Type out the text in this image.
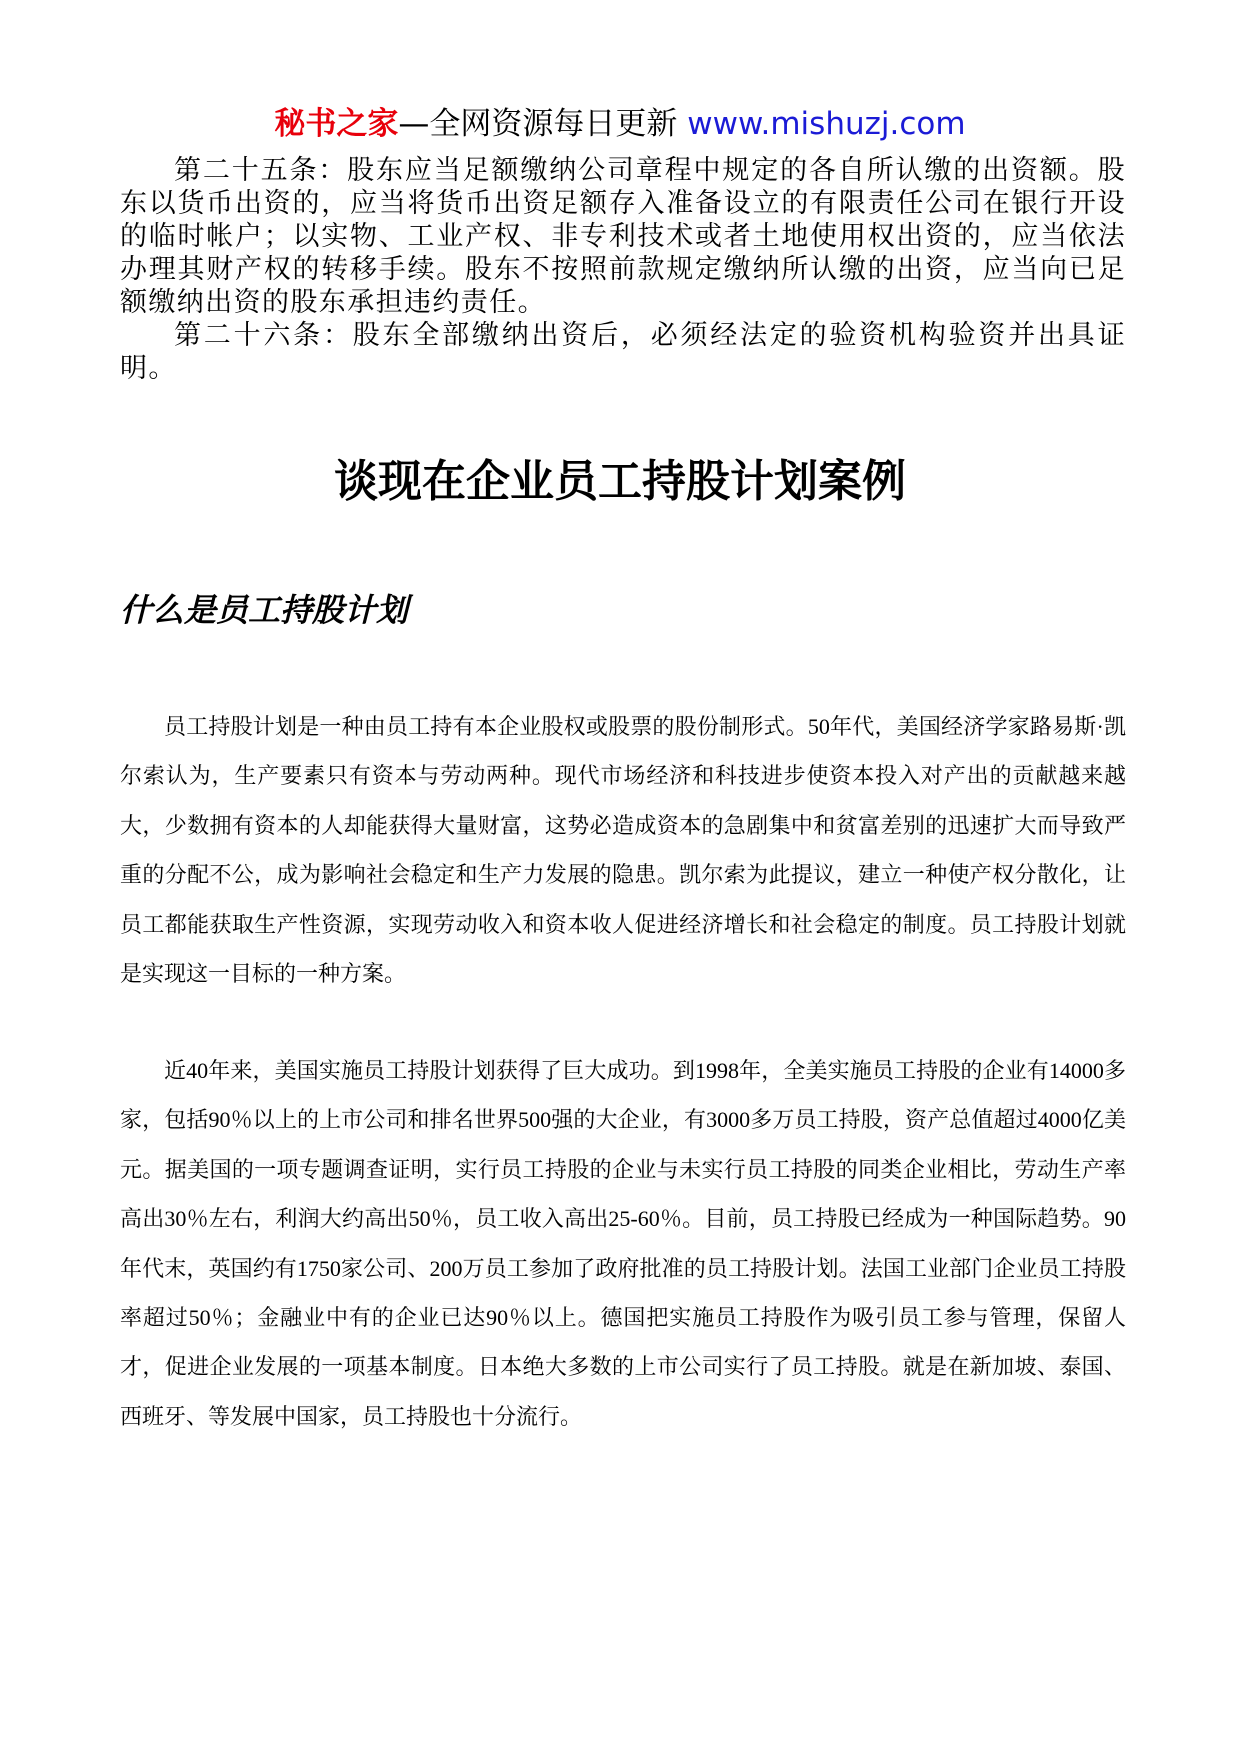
秘书之家—全网资源每日更新 www.mishuzj.com

第二十五条：股东应当足额缴纳公司章程中规定的各自所认缴的出资额。股东以货币出资的，应当将货币出资足额存入准备设立的有限责任公司在银行开设的临时帐户；以实物、工业产权、非专利技术或者土地使用权出资的，应当依法办理其财产权的转移手续。股东不按照前款规定缴纳所认缴的出资，应当向已足额缴纳出资的股东承担违约责任。

第二十六条：股东全部缴纳出资后，必须经法定的验资机构验资并出具证明。

谈现在企业员工持股计划案例
什么是员工持股计划

员工持股计划是一种由员工持有本企业股权或股票的股份制形式。50年代，美国经济学家路易斯·凯尔索认为，生产要素只有资本与劳动两种。现代市场经济和科技进步使资本投入对产出的贡献越来越大，少数拥有资本的人却能获得大量财富，这势必造成资本的急剧集中和贫富差别的迅速扩大而导致严重的分配不公，成为影响社会稳定和生产力发展的隐患。凯尔索为此提议，建立一种使产权分散化，让员工都能获取生产性资源，实现劳动收入和资本收人促进经济增长和社会稳定的制度。员工持股计划就是实现这一目标的一种方案。

近40年来，美国实施员工持股计划获得了巨大成功。到1998年，全美实施员工持股的企业有14000多家，包括90％以上的上市公司和排名世界500强的大企业，有3000多万员工持股，资产总值超过4000亿美元。据美国的一项专题调查证明，实行员工持股的企业与未实行员工持股的同类企业相比，劳动生产率高出30％左右，利润大约高出50％，员工收入高出25-60％。目前，员工持股已经成为一种国际趋势。90年代末，英国约有1750家公司、200万员工参加了政府批准的员工持股计划。法国工业部门企业员工持股率超过50％；金融业中有的企业已达90％以上。德国把实施员工持股作为吸引员工参与管理，保留人才，促进企业发展的一项基本制度。日本绝大多数的上市公司实行了员工持股。就是在新加坡、泰国、西班牙、等发展中国家，员工持股也十分流行。
